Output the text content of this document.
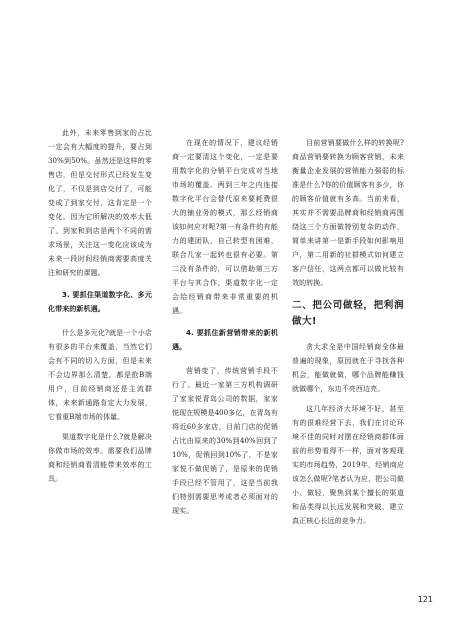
此外，未来零售到家的占比一定会有大幅度的提升，要占到30%到50%。虽然还是这样的零售店，但是交付形式已经发生变化了，不仅是到店交付了，可能变成了到家交付，这肯定是一个变化。因为它所解决的效率太低了。到家和到店是两个不同的需求场景，关注这一变化应该成为未来一段时间经销商需要高度关注和研究的课题。

3. 要抓住渠道数字化、多元化带来的新机遇。

什么是多元化?就是一个小店有很多的平台来覆盖，当然它们会有不同的切入方面，但是未来不会边界那么清楚，都是抢B端用户，目前经销商还是主流群体，未来新通路肯定大力发展，它看重B端市场的体量。

渠道数字化是什么?就是解决你做市场的效率。需要我们品牌商和经销商看清能带来效率的工具。

在现在的情况下，建议经销商一定要清这个变化，一定是要用数字化的分销平台完成对当地市场的覆盖。两到三年之内连接数字化平台会替代原来要耗费很大的铺业务的模式，那么经销商该如何应对呢?第一有条件的有能力的建团队，自己转型有困难，联合几家一起转也很有必要。第二没有条件的，可以借助第三方平台与其合作，渠道数字化一定会给经销商带来非常重要的机遇。

4. 要抓住新营销带来的新机遇。

营销变了，传统营销手段不行了。最近一家第三方机构调研了家家悦青岛公司的数据，家家悦现在规模是400多亿，在青岛有将近60多家店，目前门店的促销占比由原来的30%到40%回到了10%，促销回到10%了，不是家家悦不做促销了，是原来的促销手段已经不管用了，这是当前我们特别需要思考或者必须面对的现实。

目前营销要做什么样的转换呢?商品营销要转换为顾客营销，未来衡量企业发展的营销能力强弱的标准是什么?你的价值顾客有多少，你的顾客价值就有多高。当前来看，其实并不需要品牌商和经销商再围绕这三个方面做特别复杂的动作，简单来讲第一是新手段如何影响用户，第二用新的社群模式如何建立客户信任，这两点都可以做比较有效的转换。

二、把公司做轻，把利润做大!

贪大求全是中国经销商全体最普遍的现象，原因就在于寻找各种机会，能做就做，哪个品牌能赚钱就做哪个，东边不亮西边亮。

这几年经济大环境不好，甚至有的很难经营下去，我们在讨论环境不佳的同时对摆在经销商群体面前的形势看得不一样，面对客观现实的市场趋势，2019年，经销商应该怎么做呢?笔者认为应，把公司做小、做轻，聚焦到某个擅长的渠道和品类得以长远发展和突破，建立真正核心长远的竞争力。

121
